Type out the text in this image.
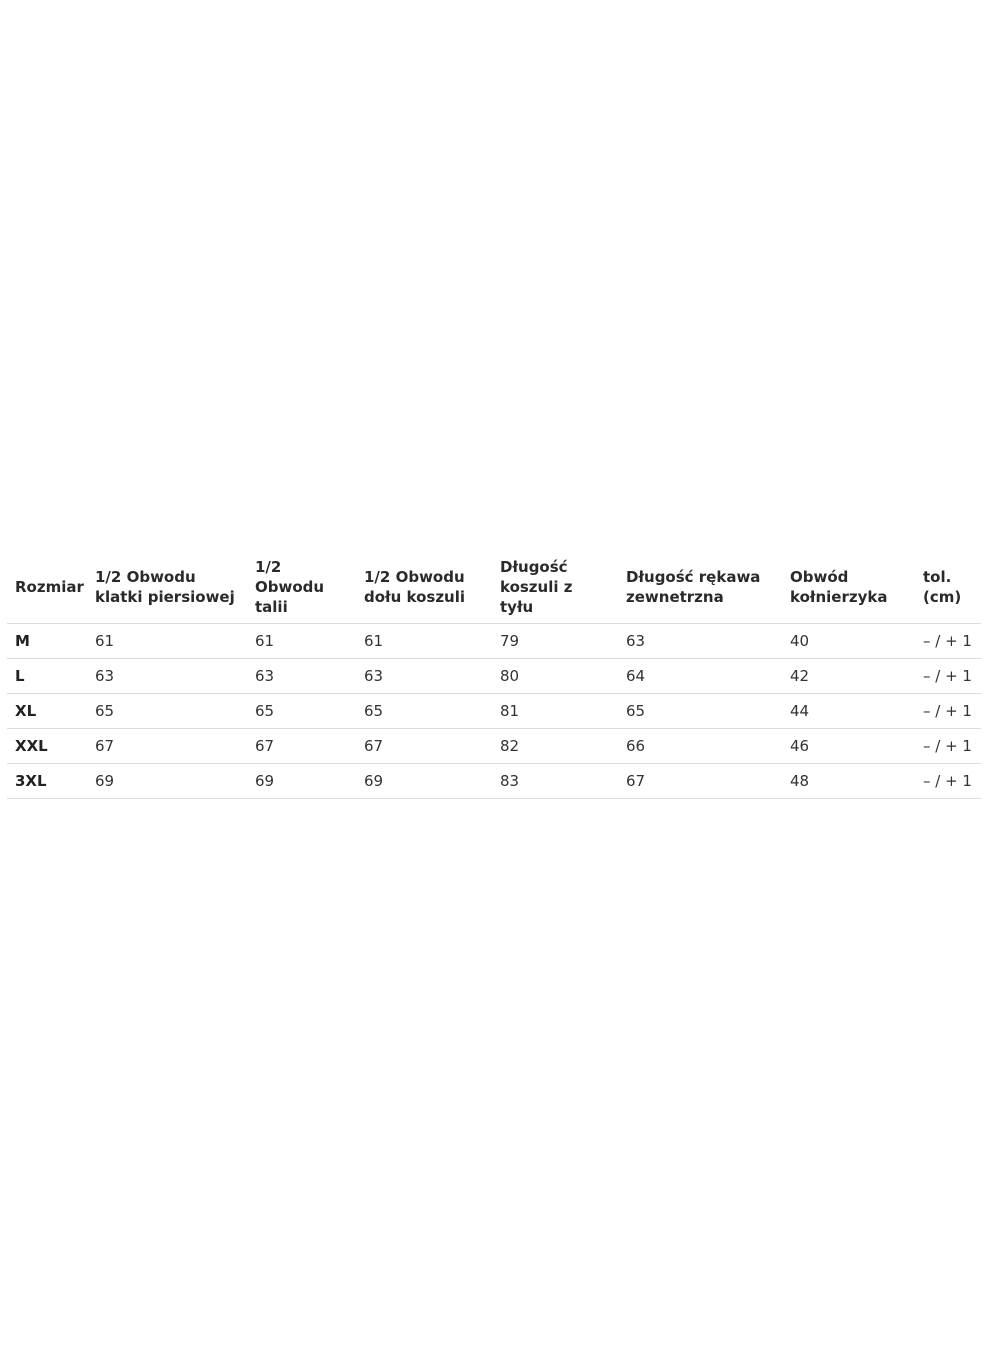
Rozmiar	1/2 Obwodu klatki piersiowej	1/2 Obwodu talii	1/2 Obwodu dołu koszuli	Długość koszuli z tyłu	Długość rękawa zewnetrzna	Obwód kołnierzyka	tol. (cm)
M	61	61	61	79	63	40	– / + 1
L	63	63	63	80	64	42	– / + 1
XL	65	65	65	81	65	44	– / + 1
XXL	67	67	67	82	66	46	– / + 1
3XL	69	69	69	83	67	48	– / + 1
